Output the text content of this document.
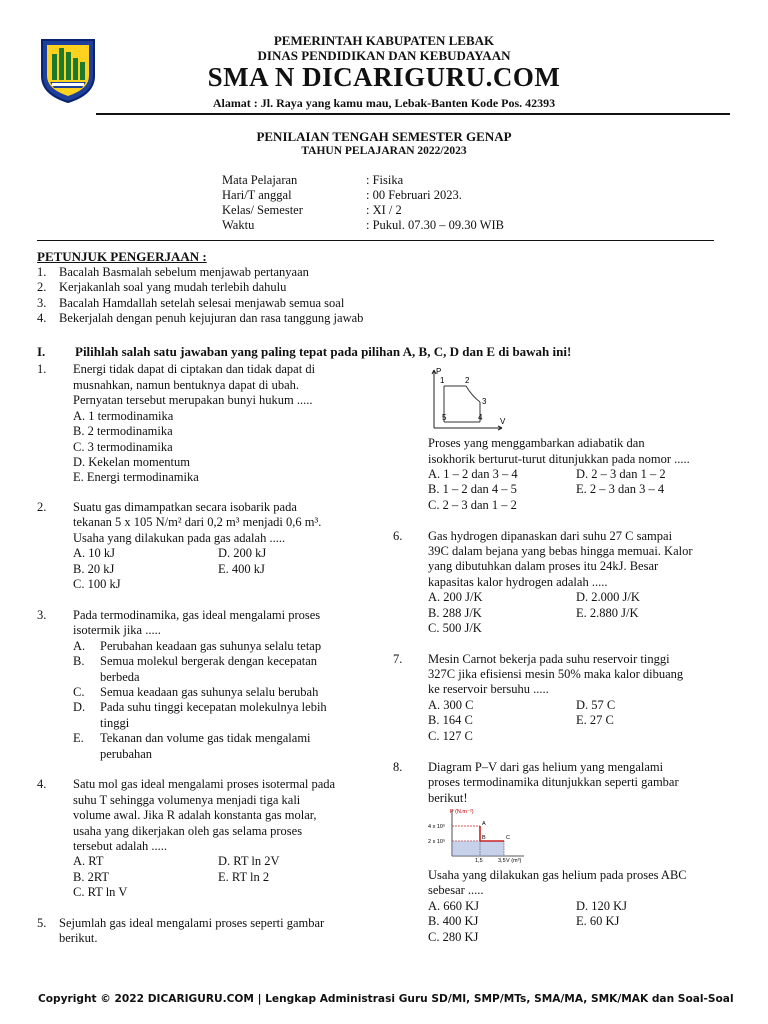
PEMERINTAH KABUPATEN LEBAK
DINAS PENDIDIKAN DAN KEBUDAYAAN
SMA N DICARIGURU.COM
Alamat : Jl. Raya yang kamu mau, Lebak-Banten Kode Pos. 42393
PENILAIAN TENGAH SEMESTER GENAP
TAHUN PELAJARAN 2022/2023
Mata Pelajaran	: Fisika
Hari/T anggal	: 00 Februari 2023.
Kelas/ Semester	: XI / 2
Waktu	: Pukul. 07.30 – 09.30 WIB
PETUNJUK PENGERJAAN :
1. Bacalah Basmalah sebelum menjawab pertanyaan
2. Kerjakanlah soal yang mudah terlebih dahulu
3. Bacalah Hamdallah setelah selesai menjawab semua soal
4. Bekerjalah dengan penuh kejujuran dan rasa tanggung jawab
I. Pilihlah salah satu jawaban yang paling tepat pada pilihan A, B, C, D dan E di bawah ini!
1. Energi tidak dapat di ciptakan dan tidak dapat di
musnahkan, namun bentuknya dapat di ubah.
Pernyatan tersebut merupakan bunyi hukum .....
A. 1 termodinamika
B. 2 termodinamika
C. 3 termodinamika
D. Kekelan momentum
E. Energi termodinamika
2. Suatu gas dimampatkan secara isobarik pada
tekanan 5 x 105 N/m² dari 0,2 m³ menjadi 0,6 m³.
Usaha yang dilakukan pada gas adalah .....
A. 10 kJ	D. 200 kJ
B. 20 kJ	E. 400 kJ
C. 100 kJ
3. Pada termodinamika, gas ideal mengalami proses
isotermik jika .....
A. Perubahan keadaan gas suhunya selalu tetap
B. Semua molekul bergerak dengan kecepatan
berbeda
C. Semua keadaan gas suhunya selalu berubah
D. Pada suhu tinggi kecepatan molekulnya lebih
tinggi
E. Tekanan dan volume gas tidak mengalami
perubahan
4. Satu mol gas ideal mengalami proses isotermal pada
suhu T sehingga volumenya menjadi tiga kali
volume awal. Jika R adalah konstanta gas molar,
usaha yang dikerjakan oleh gas selama proses
tersebut adalah .....
A. RT	D. RT ln 2V
B. 2RT	E. RT ln 2
C. RT ln V
5. Sejumlah gas ideal mengalami proses seperti gambar
berikut.
P
V
1	2
3
4
5
Proses yang menggambarkan adiabatik dan
isokhorik berturut-turut ditunjukkan pada nomor .....
A. 1 – 2 dan 3 – 4	D. 2 – 3 dan 1 – 2
B. 1 – 2 dan 4 – 5	E. 2 – 3 dan 3 – 4
C. 2 – 3 dan 1 – 2
6. Gas hydrogen dipanaskan dari suhu 27 C sampai
39C dalam bejana yang bebas hingga memuai. Kalor
yang dibutuhkan dalam proses itu 24kJ. Besar
kapasitas kalor hydrogen adalah .....
A. 200 J/K	D. 2.000 J/K
B. 288 J/K	E. 2.880 J/K
C. 500 J/K
7. Mesin Carnot bekerja pada suhu reservoir tinggi
327C jika efisiensi mesin 50% maka kalor dibuang
ke reservoir bersuhu .....
A. 300 C	D. 57 C
B. 164 C	E. 27 C
C. 127 C
8. Diagram P–V dari gas helium yang mengalami
proses termodinamika ditunjukkan seperti gambar
berikut!
P (N.m⁻²)
V (m³)
4 x 10⁵
2 x 10⁵
1,5	3,5
A
B	C
Usaha yang dilakukan gas helium pada proses ABC
sebesar .....
A. 660 KJ	D. 120 KJ
B. 400 KJ	E. 60 KJ
C. 280 KJ
Copyright © 2022 DICARIGURU.COM | Lengkap Administrasi Guru SD/MI, SMP/MTs, SMA/MA, SMK/MAK dan Soal-Soal
